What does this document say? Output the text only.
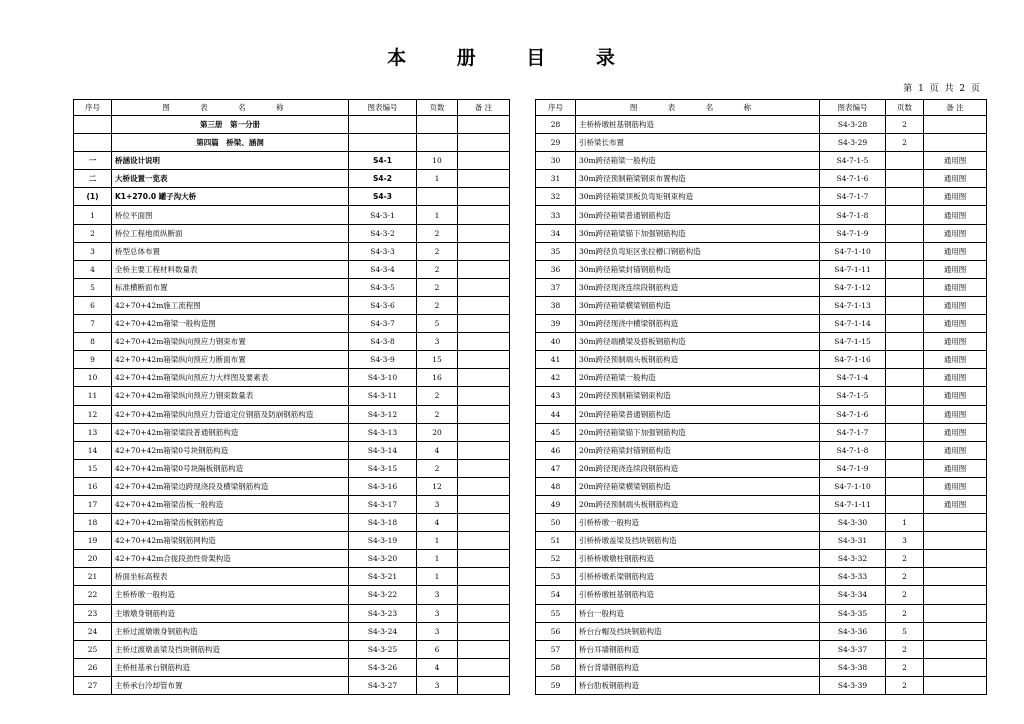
本 册 目 录
第 1 页 共 2 页
序号	图 表 名 称	图表编号	页数	备 注
	第三册　第一分册			
	第四篇　桥梁、涵洞			
一	桥涵设计说明	S4-1	10	
二	大桥设置一览表	S4-2	1	
(1)	K1+270.0 罐子沟大桥	S4-3		
1	桥位平面图	S4-3-1	1	
2	桥位工程地质纵断面	S4-3-2	2	
3	桥型总体布置	S4-3-3	2	
4	全桥主要工程材料数量表	S4-3-4	2	
5	标准横断面布置	S4-3-5	2	
6	42+70+42m施工流程图	S4-3-6	2	
7	42+70+42m箱梁一般构造图	S4-3-7	5	
8	42+70+42m箱梁纵向预应力钢束布置	S4-3-8	3	
9	42+70+42m箱梁纵向预应力断面布置	S4-3-9	15	
10	42+70+42m箱梁纵向预应力大样图及要素表	S4-3-10	16	
11	42+70+42m箱梁纵向预应力钢束数量表	S4-3-11	2	
12	42+70+42m箱梁纵向预应力管道定位钢筋及防崩钢筋构造	S4-3-12	2	
13	42+70+42m箱梁梁段普通钢筋构造	S4-3-13	20	
14	42+70+42m箱梁0号块钢筋构造	S4-3-14	4	
15	42+70+42m箱梁0号块隔板钢筋构造	S4-3-15	2	
16	42+70+42m箱梁边跨现浇段及横梁钢筋构造	S4-3-16	12	
17	42+70+42m箱梁齿板一般构造	S4-3-17	3	
18	42+70+42m箱梁齿板钢筋构造	S4-3-18	4	
19	42+70+42m箱梁钢筋网构造	S4-3-19	1	
20	42+70+42m合拢段劲性骨架构造	S4-3-20	1	
21	桥面坐标高程表	S4-3-21	1	
22	主桥桥墩一般构造	S4-3-22	3	
23	主墩墩身钢筋构造	S4-3-23	3	
24	主桥过渡墩墩身钢筋构造	S4-3-24	3	
25	主桥过渡墩盖梁及挡块钢筋构造	S4-3-25	6	
26	主桥桩基承台钢筋构造	S4-3-26	4	
27	主桥承台冷却管布置	S4-3-27	3	
序号	图 表 名 称	图表编号	页数	备 注
28	主桥桥墩桩基钢筋构造	S4-3-28	2	
29	引桥梁长布置	S4-3-29	2	
30	30m跨径箱梁一般构造	S4-7-1-5		通用图
31	30m跨径预制箱梁钢束布置构造	S4-7-1-6		通用图
32	30m跨径箱梁顶板负弯矩钢束构造	S4-7-1-7		通用图
33	30m跨径箱梁普通钢筋构造	S4-7-1-8		通用图
34	30m跨径箱梁锚下加强钢筋构造	S4-7-1-9		通用图
35	30m跨径负弯矩区张拉槽口钢筋构造	S4-7-1-10		通用图
36	30m跨径箱梁封锚钢筋构造	S4-7-1-11		通用图
37	30m跨径现浇连续段钢筋构造	S4-7-1-12		通用图
38	30m跨径箱梁横梁钢筋构造	S4-7-1-13		通用图
39	30m跨径现浇中横梁钢筋构造	S4-7-1-14		通用图
40	30m跨径端横梁及搭板钢筋构造	S4-7-1-15		通用图
41	30m跨径预制端头板钢筋构造	S4-7-1-16		通用图
42	20m跨径箱梁一般构造	S4-7-1-4		通用图
43	20m跨径预制箱梁钢束构造	S4-7-1-5		通用图
44	20m跨径箱梁普通钢筋构造	S4-7-1-6		通用图
45	20m跨径箱梁锚下加强钢筋构造	S4-7-1-7		通用图
46	20m跨径箱梁封锚钢筋构造	S4-7-1-8		通用图
47	20m跨径现浇连续段钢筋构造	S4-7-1-9		通用图
48	20m跨径箱梁横梁钢筋构造	S4-7-1-10		通用图
49	20m跨径预制端头板钢筋构造	S4-7-1-11		通用图
50	引桥桥墩一般构造	S4-3-30	1	
51	引桥桥墩盖梁及挡块钢筋构造	S4-3-31	3	
52	引桥桥墩墩柱钢筋构造	S4-3-32	2	
53	引桥桥墩系梁钢筋构造	S4-3-33	2	
54	引桥桥墩桩基钢筋构造	S4-3-34	2	
55	桥台一般构造	S4-3-35	2	
56	桥台台帽及挡块钢筋构造	S4-3-36	5	
57	桥台耳墙钢筋构造	S4-3-37	2	
58	桥台背墙钢筋构造	S4-3-38	2	
59	桥台肋板钢筋构造	S4-3-39	2	
